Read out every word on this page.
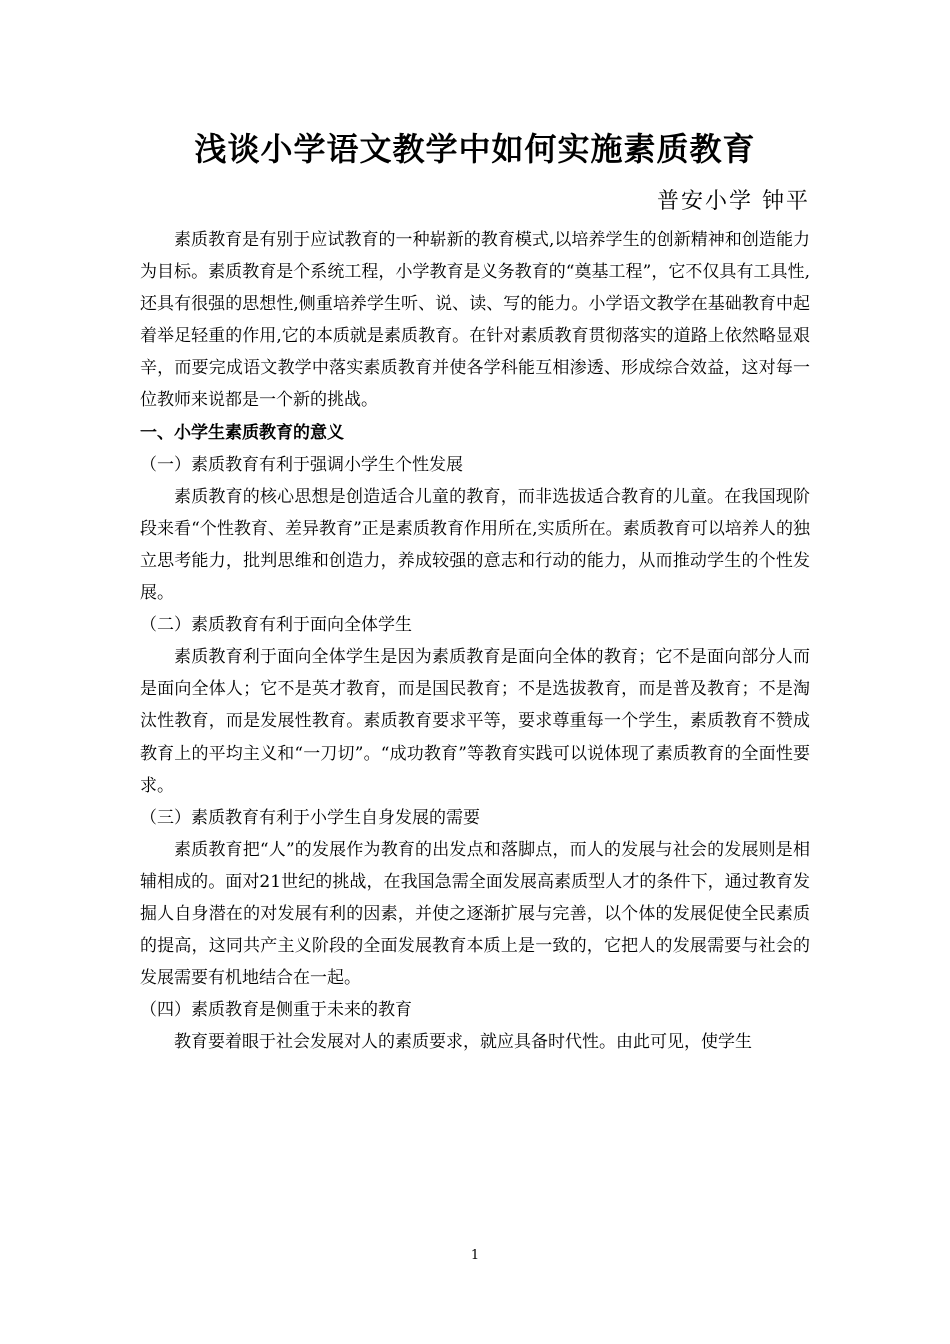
浅谈小学语文教学中如何实施素质教育
普安小学 钟平

素质教育是有别于应试教育的一种崭新的教育模式,以培养学生的创新精神和创造能力为目标。素质教育是个系统工程，小学教育是义务教育的“奠基工程”，它不仅具有工具性,还具有很强的思想性,侧重培养学生听、说、读、写的能力。小学语文教学在基础教育中起着举足轻重的作用,它的本质就是素质教育。在针对素质教育贯彻落实的道路上依然略显艰辛，而要完成语文教学中落实素质教育并使各学科能互相渗透、形成综合效益，这对每一位教师来说都是一个新的挑战。

一、小学生素质教育的意义

（一）素质教育有利于强调小学生个性发展

素质教育的核心思想是创造适合儿童的教育，而非选拔适合教育的儿童。在我国现阶段来看“个性教育、差异教育”正是素质教育作用所在,实质所在。素质教育可以培养人的独立思考能力，批判思维和创造力，养成较强的意志和行动的能力，从而推动学生的个性发展。

（二）素质教育有利于面向全体学生

素质教育利于面向全体学生是因为素质教育是面向全体的教育；它不是面向部分人而是面向全体人；它不是英才教育，而是国民教育；不是选拔教育，而是普及教育；不是淘汰性教育，而是发展性教育。素质教育要求平等，要求尊重每一个学生，素质教育不赞成教育上的平均主义和“一刀切”。“成功教育”等教育实践可以说体现了素质教育的全面性要求。

（三）素质教育有利于小学生自身发展的需要

素质教育把“人”的发展作为教育的出发点和落脚点，而人的发展与社会的发展则是相辅相成的。面对21世纪的挑战，在我国急需全面发展高素质型人才的条件下，通过教育发掘人自身潜在的对发展有利的因素，并使之逐渐扩展与完善，以个体的发展促使全民素质的提高，这同共产主义阶段的全面发展教育本质上是一致的，它把人的发展需要与社会的发展需要有机地结合在一起。

（四）素质教育是侧重于未来的教育

教育要着眼于社会发展对人的素质要求，就应具备时代性。由此可见，使学生

1
